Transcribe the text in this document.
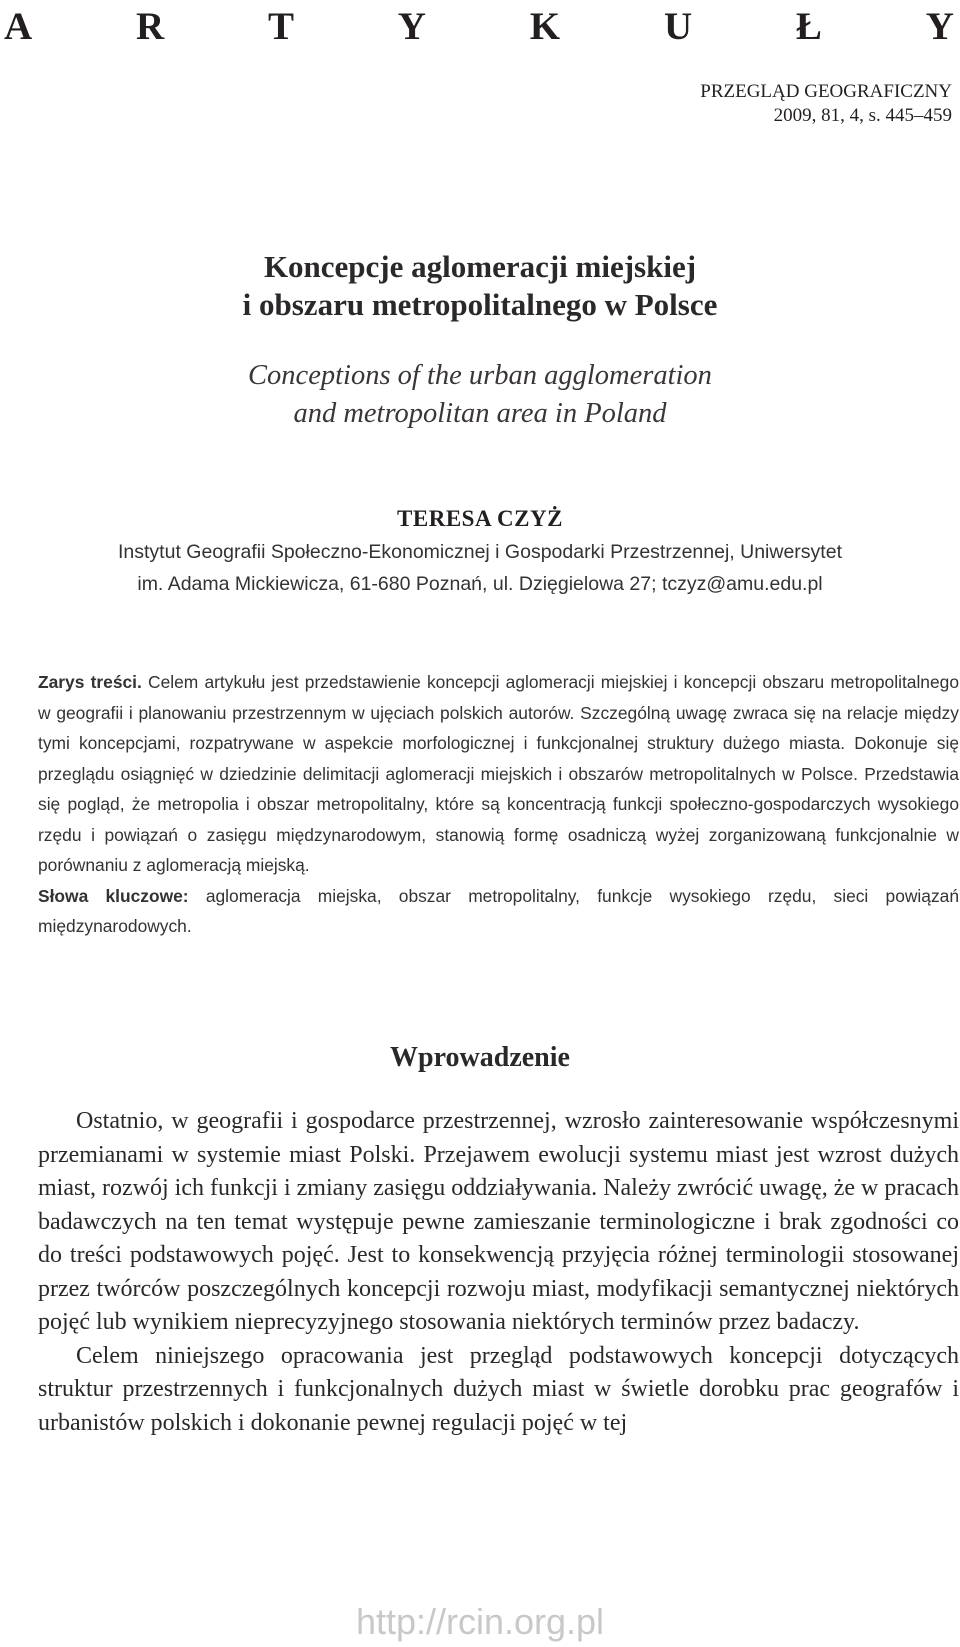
A	R	T	Y	K	U	Ł	Y
PRZEGLĄD GEOGRAFICZNY
2009, 81, 4, s. 445–459
Koncepcje aglomeracji miejskiej
i obszaru metropolitalnego w Polsce
Conceptions of the urban agglomeration
and metropolitan area in Poland
TERESA CZYŻ
Instytut Geografii Społeczno-Ekonomicznej i Gospodarki Przestrzennej, Uniwersytet
im. Adama Mickiewicza, 61-680 Poznań, ul. Dzięgielowa 27; tczyz@amu.edu.pl

Zarys treści. Celem artykułu jest przedstawienie koncepcji aglomeracji miejskiej i koncepcji obszaru metropolitalnego w geografii i planowaniu przestrzennym w ujęciach polskich autorów. Szczególną uwagę zwraca się na relacje między tymi koncepcjami, rozpatrywane w aspekcie morfologicznej i funkcjonalnej struktury dużego miasta. Dokonuje się przeglądu osiągnięć w dziedzinie delimitacji aglomeracji miejskich i obszarów metropolitalnych w Polsce. Przedstawia się pogląd, że metropolia i obszar metropolitalny, które są koncentracją funkcji społeczno-gospodarczych wysokiego rzędu i powiązań o zasięgu międzynarodowym, stanowią formę osadniczą wyżej zorganizowaną funkcjonalnie w porównaniu z aglomeracją miejską.

Słowa kluczowe: aglomeracja miejska, obszar metropolitalny, funkcje wysokiego rzędu, sieci powiązań międzynarodowych.

Wprowadzenie

Ostatnio, w geografii i gospodarce przestrzennej, wzrosło zainteresowanie współczesnymi przemianami w systemie miast Polski. Przejawem ewolucji systemu miast jest wzrost dużych miast, rozwój ich funkcji i zmiany zasięgu oddziaływania. Należy zwrócić uwagę, że w pracach badawczych na ten temat występuje pewne zamieszanie terminologiczne i brak zgodności co do treści podstawowych pojęć. Jest to konsekwencją przyjęcia różnej terminologii stosowanej przez twórców poszczególnych koncepcji rozwoju miast, modyfikacji semantycznej niektórych pojęć lub wynikiem nieprecyzyjnego stosowania niektórych terminów przez badaczy.

Celem niniejszego opracowania jest przegląd podstawowych koncepcji dotyczących struktur przestrzennych i funkcjonalnych dużych miast w świetle dorobku prac geografów i urbanistów polskich i dokonanie pewnej regulacji pojęć w tej

http://rcin.org.pl
